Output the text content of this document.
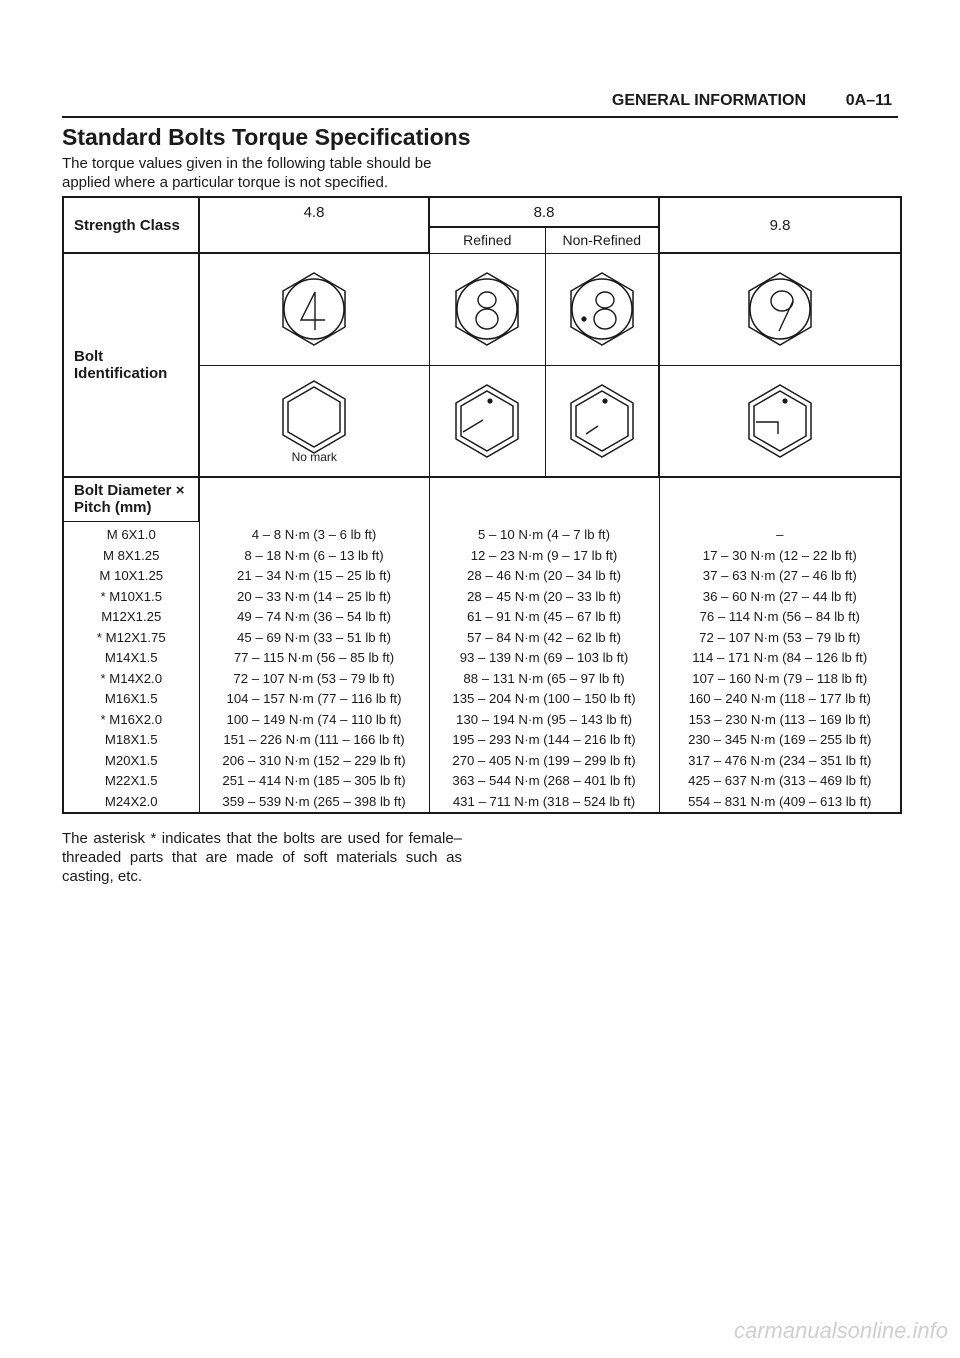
GENERAL INFORMATION 0A–11
Standard Bolts Torque Specifications

The torque values given in the following table should be applied where a particular torque is not specified.

Strength Class	4.8	8.8		9.8
		Refined	Non-Refined	
Bolt Identification	

	No mark

Bolt Diameter ×
Pitch (mm)			
M 6X1.0	4 – 8 N·m (3 – 6 lb ft)	5 – 10 N·m (4 – 7 lb ft)	–
M 8X1.25	8 – 18 N·m (6 – 13 lb ft)	12 – 23 N·m (9 – 17 lb ft)	17 – 30 N·m (12 – 22 lb ft)
M 10X1.25	21 – 34 N·m (15 – 25 lb ft)	28 – 46 N·m (20 – 34 lb ft)	37 – 63 N·m (27 – 46 lb ft)
* M10X1.5	20 – 33 N·m (14 – 25 lb ft)	28 – 45 N·m (20 – 33 lb ft)	36 – 60 N·m (27 – 44 lb ft)
M12X1.25	49 – 74 N·m (36 – 54 lb ft)	61 – 91 N·m (45 – 67 lb ft)	76 – 114 N·m (56 – 84 lb ft)
* M12X1.75	45 – 69 N·m (33 – 51 lb ft)	57 – 84 N·m (42 – 62 lb ft)	72 – 107 N·m (53 – 79 lb ft)
M14X1.5	77 – 115 N·m (56 – 85 lb ft)	93 – 139 N·m (69 – 103 lb ft)	114 – 171 N·m (84 – 126 lb ft)
* M14X2.0	72 – 107 N·m (53 – 79 lb ft)	88 – 131 N·m (65 – 97 lb ft)	107 – 160 N·m (79 – 118 lb ft)
M16X1.5	104 – 157 N·m (77 – 116 lb ft)	135 – 204 N·m (100 – 150 lb ft)	160 – 240 N·m (118 – 177 lb ft)
* M16X2.0	100 – 149 N·m (74 – 110 lb ft)	130 – 194 N·m (95 – 143 lb ft)	153 – 230 N·m (113 – 169 lb ft)
M18X1.5	151 – 226 N·m (111 – 166 lb ft)	195 – 293 N·m (144 – 216 lb ft)	230 – 345 N·m (169 – 255 lb ft)
M20X1.5	206 – 310 N·m (152 – 229 lb ft)	270 – 405 N·m (199 – 299 lb ft)	317 – 476 N·m (234 – 351 lb ft)
M22X1.5	251 – 414 N·m (185 – 305 lb ft)	363 – 544 N·m (268 – 401 lb ft)	425 – 637 N·m (313 – 469 lb ft)
M24X2.0	359 – 539 N·m (265 – 398 lb ft)	431 – 711 N·m (318 – 524 lb ft)	554 – 831 N·m (409 – 613 lb ft)

The asterisk * indicates that the bolts are used for female–threaded parts that are made of soft materials such as casting, etc.

carmanualsonline.info
